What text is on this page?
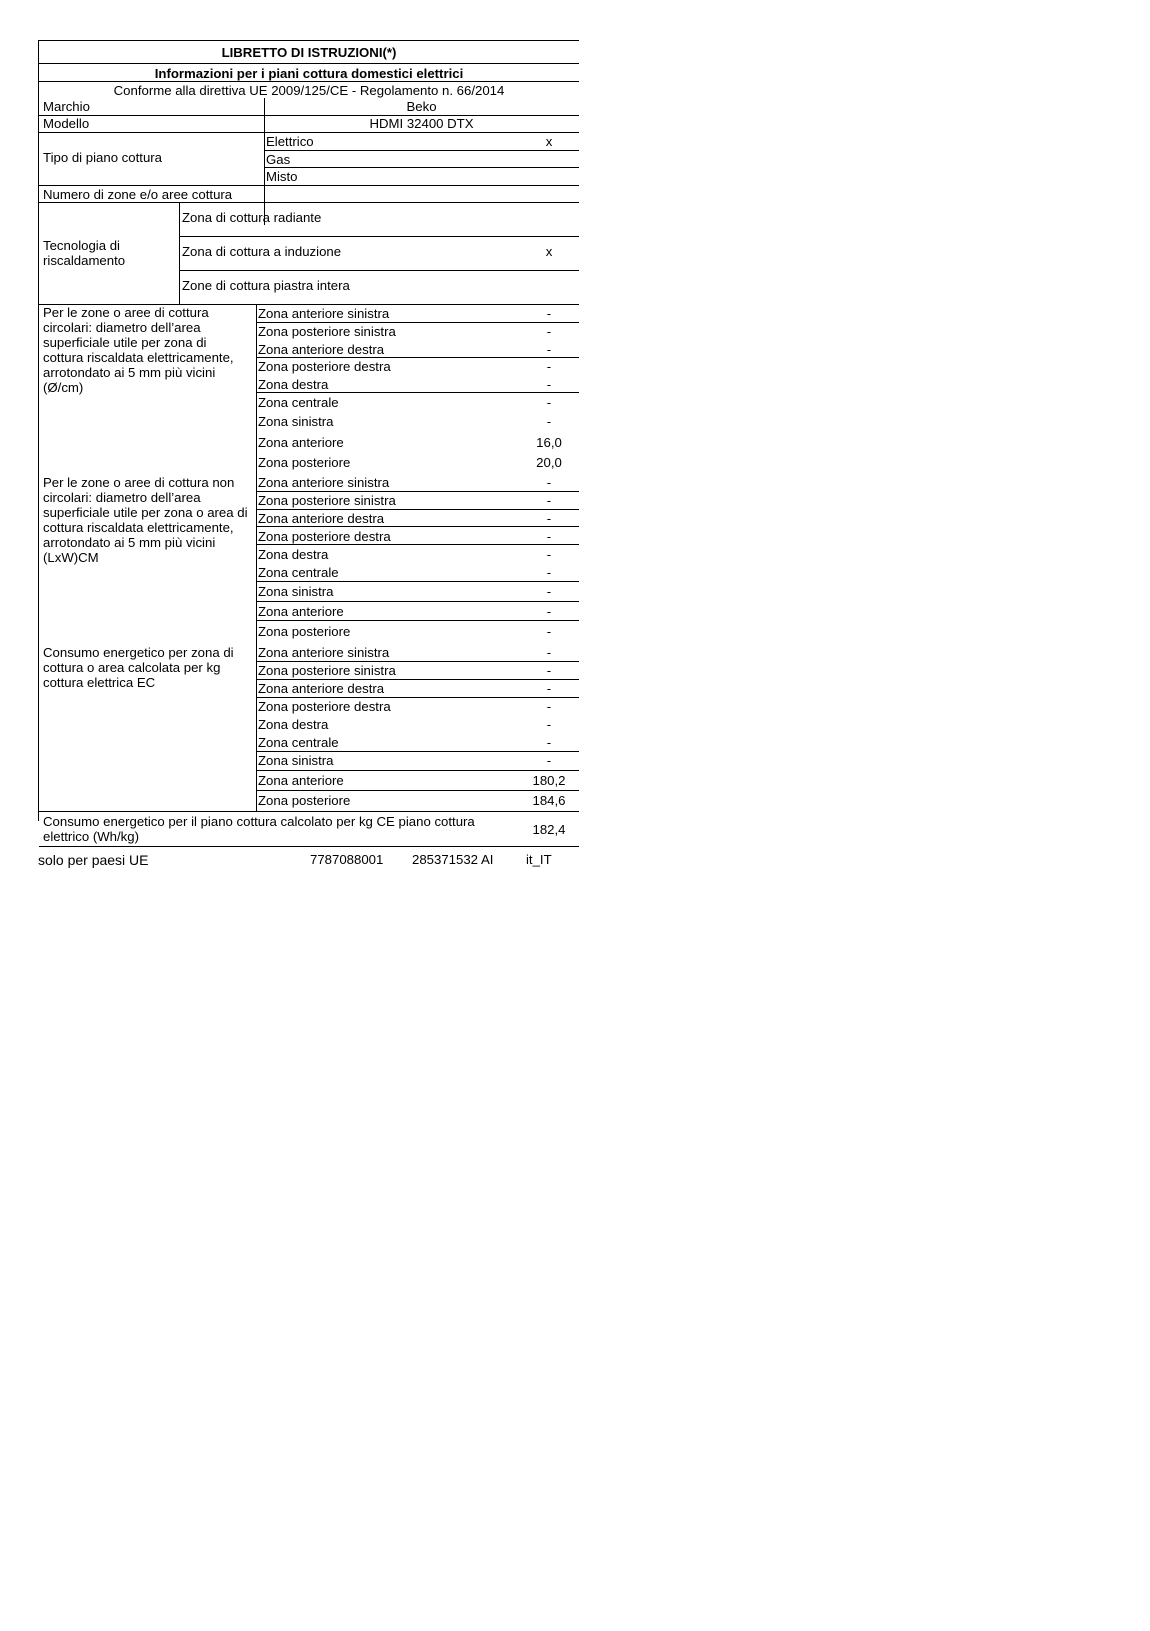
LIBRETTO DI ISTRUZIONI(*)
Informazioni per i piani cottura domestici elettrici
Conforme alla direttiva UE 2009/125/CE - Regolamento n. 66/2014
Marchio	Beko
Modello	HDMI 32400 DTX
Tipo di piano cottura
Elettrico	x
Gas
Misto
Numero di zone e/o aree cottura
Tecnologia di riscaldamento
Zona di cottura radiante
Zona di cottura a induzione	x
Zone di cottura piastra intera
Per le zone o aree di cottura circolari: diametro dell’area superficiale utile per zona di cottura riscaldata elettricamente, arrotondato ai 5 mm più vicini (Ø/cm)
Zona anteriore sinistra	-
Zona posteriore sinistra	-
Zona anteriore destra	-
Zona posteriore destra	-
Zona destra	-
Zona centrale	-
Zona sinistra	-
Zona anteriore	16,0
Zona posteriore	20,0
Per le zone o aree di cottura non circolari: diametro dell’area superficiale utile per zona o area di cottura riscaldata elettricamente, arrotondato ai 5 mm più vicini (LxW)CM
Zona anteriore sinistra	-
Zona posteriore sinistra	-
Zona anteriore destra	-
Zona posteriore destra	-
Zona destra	-
Zona centrale	-
Zona sinistra	-
Zona anteriore	-
Zona posteriore	-
Consumo energetico per zona di cottura o area calcolata per kg cottura elettrica EC
Zona anteriore sinistra	-
Zona posteriore sinistra	-
Zona anteriore destra	-
Zona posteriore destra	-
Zona destra	-
Zona centrale	-
Zona sinistra	-
Zona anteriore	180,2
Zona posteriore	184,6
Consumo energetico per il piano cottura calcolato per kg CE piano cottura elettrico (Wh/kg)	182,4
solo per paesi UE	7787088001 285371532 AI it_IT
